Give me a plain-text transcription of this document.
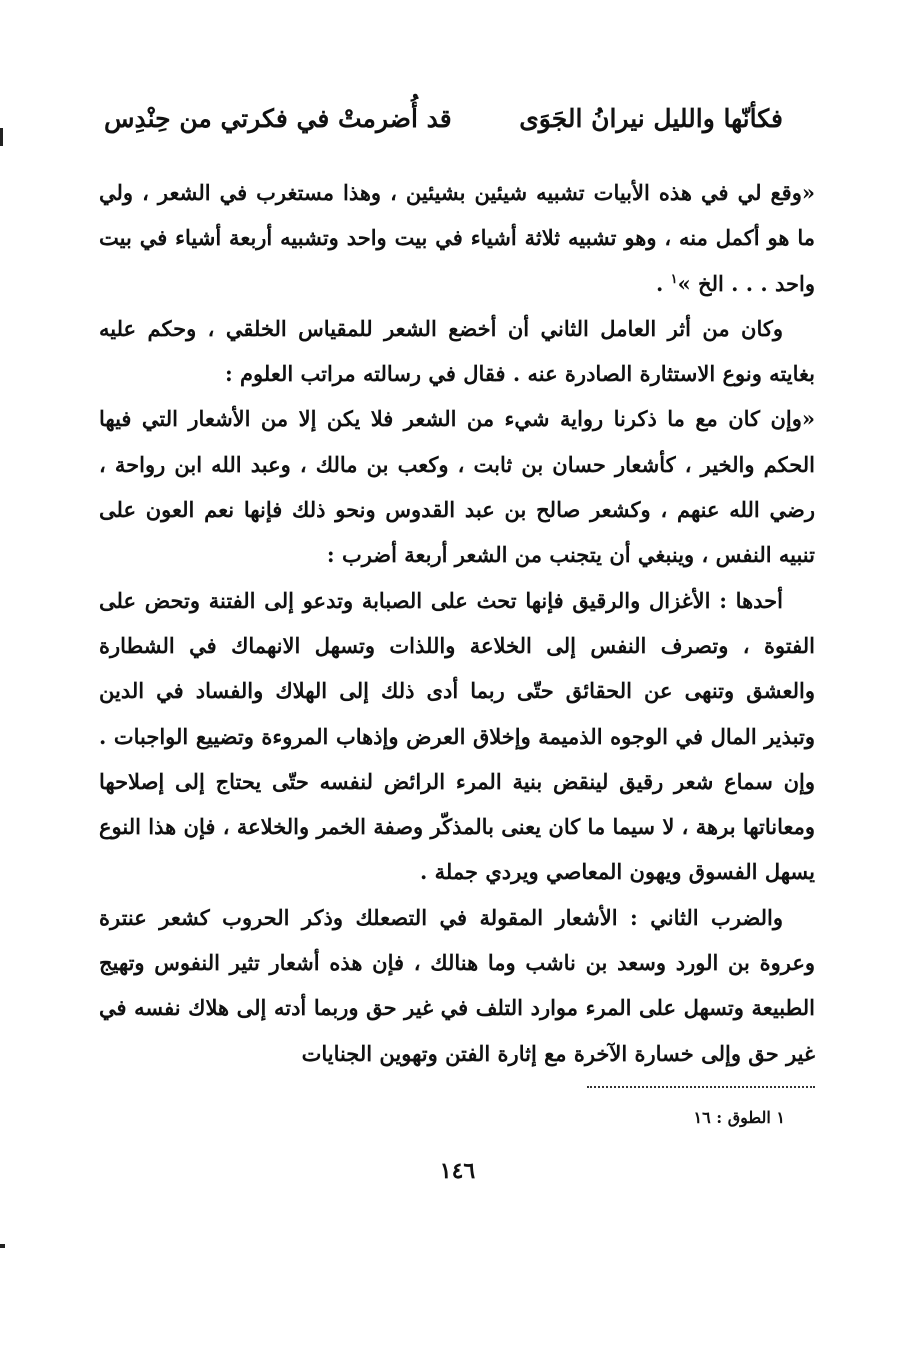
فكأنّها والليل نيرانُ الجَوَى
قد أُضرمتْ في فكرتي من حِنْدِس

«وقع لي في هذه الأبيات تشبيه شيئين بشيئين ، وهذا مستغرب في الشعر ، ولي ما هو أكمل منه ، وهو تشبيه ثلاثة أشياء في بيت واحد وتشبيه أربعة أشياء في بيت واحد . . . الخ »$^١$ .

وكان من أثر العامل الثاني أن أخضع الشعر للمقياس الخلقي ، وحكم عليه بغايته ونوع الاستثارة الصادرة عنه . فقال في رسالته مراتب العلوم :

«وإن كان مع ما ذكرنا رواية شيء من الشعر فلا يكن إلا من الأشعار التي فيها الحكم والخير ، كأشعار حسان بن ثابت ، وكعب بن مالك ، وعبد الله ابن رواحة ، رضي الله عنهم ، وكشعر صالح بن عبد القدوس ونحو ذلك فإنها نعم العون على تنبيه النفس ، وينبغي أن يتجنب من الشعر أربعة أضرب :

أحدها : الأغزال والرقيق فإنها تحث على الصبابة وتدعو إلى الفتنة وتحض على الفتوة ، وتصرف النفس إلى الخلاعة واللذات وتسهل الانهماك في الشطارة والعشق وتنهى عن الحقائق حتّى ربما أدى ذلك إلى الهلاك والفساد في الدين وتبذير المال في الوجوه الذميمة وإخلاق العرض وإذهاب المروءة وتضييع الواجبات . وإن سماع شعر رقيق لينقض بنية المرء الرائض لنفسه حتّى يحتاج إلى إصلاحها ومعاناتها برهة ، لا سيما ما كان يعنى بالمذكّر وصفة الخمر والخلاعة ، فإن هذا النوع يسهل الفسوق ويهون المعاصي ويردي جملة .

والضرب الثاني : الأشعار المقولة في التصعلك وذكر الحروب كشعر عنترة وعروة بن الورد وسعد بن ناشب وما هنالك ، فإن هذه أشعار تثير النفوس وتهيج الطبيعة وتسهل على المرء موارد التلف في غير حق وربما أدته إلى هلاك نفسه في غير حق وإلى خسارة الآخرة مع إثارة الفتن وتهوين الجنايات

١ الطوق : ١٦
١٤٦
